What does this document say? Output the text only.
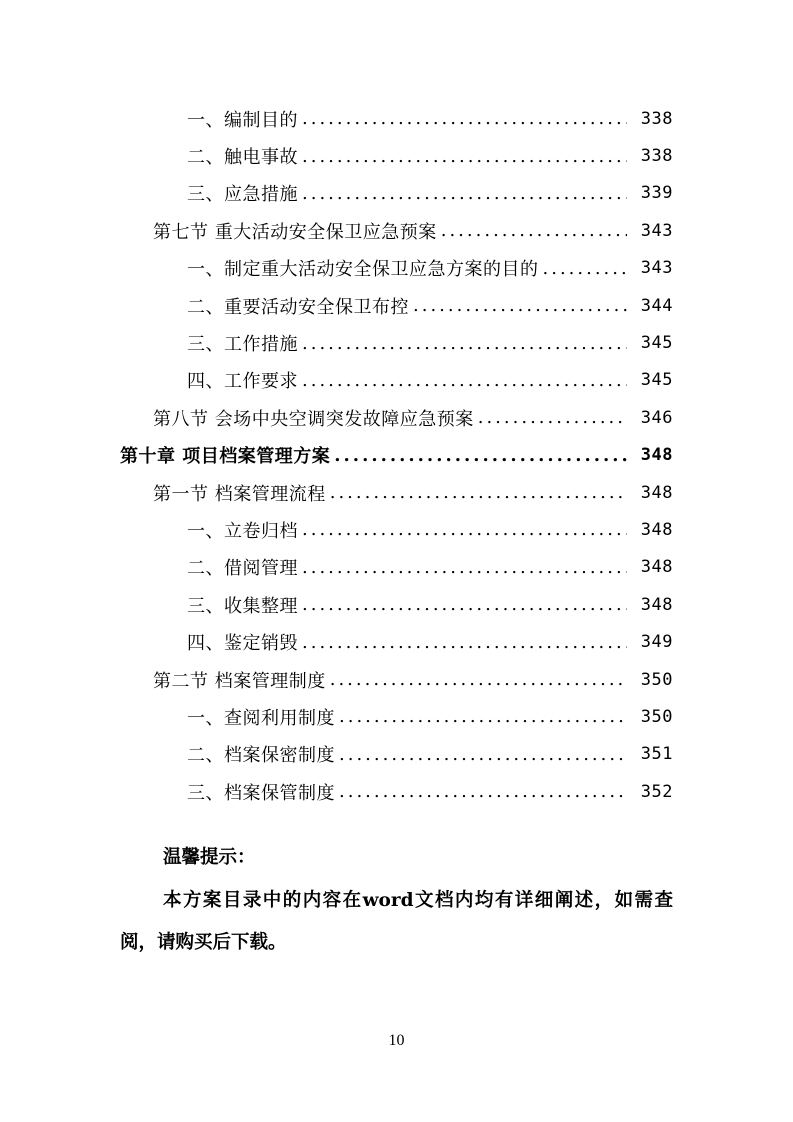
一、编制目的 .....	338
二、触电事故 .....	338
三、应急措施 .....	339
第七节 重大活动安全保卫应急预案 .....	343
一、制定重大活动安全保卫应急方案的目的 .....	343
二、重要活动安全保卫布控 .....	344
三、工作措施 .....	345
四、工作要求 .....	345
第八节 会场中央空调突发故障应急预案 .....	346
第十章 项目档案管理方案 .....	348
第一节 档案管理流程 .....	348
一、立卷归档 .....	348
二、借阅管理 .....	348
三、收集整理 .....	348
四、鉴定销毁 .....	349
第二节 档案管理制度 .....	350
一、查阅利用制度 .....	350
二、档案保密制度 .....	351
三、档案保管制度 .....	352
温馨提示：
本方案目录中的内容在word文档内均有详细阐述，如需查阅，请购买后下载。
10
